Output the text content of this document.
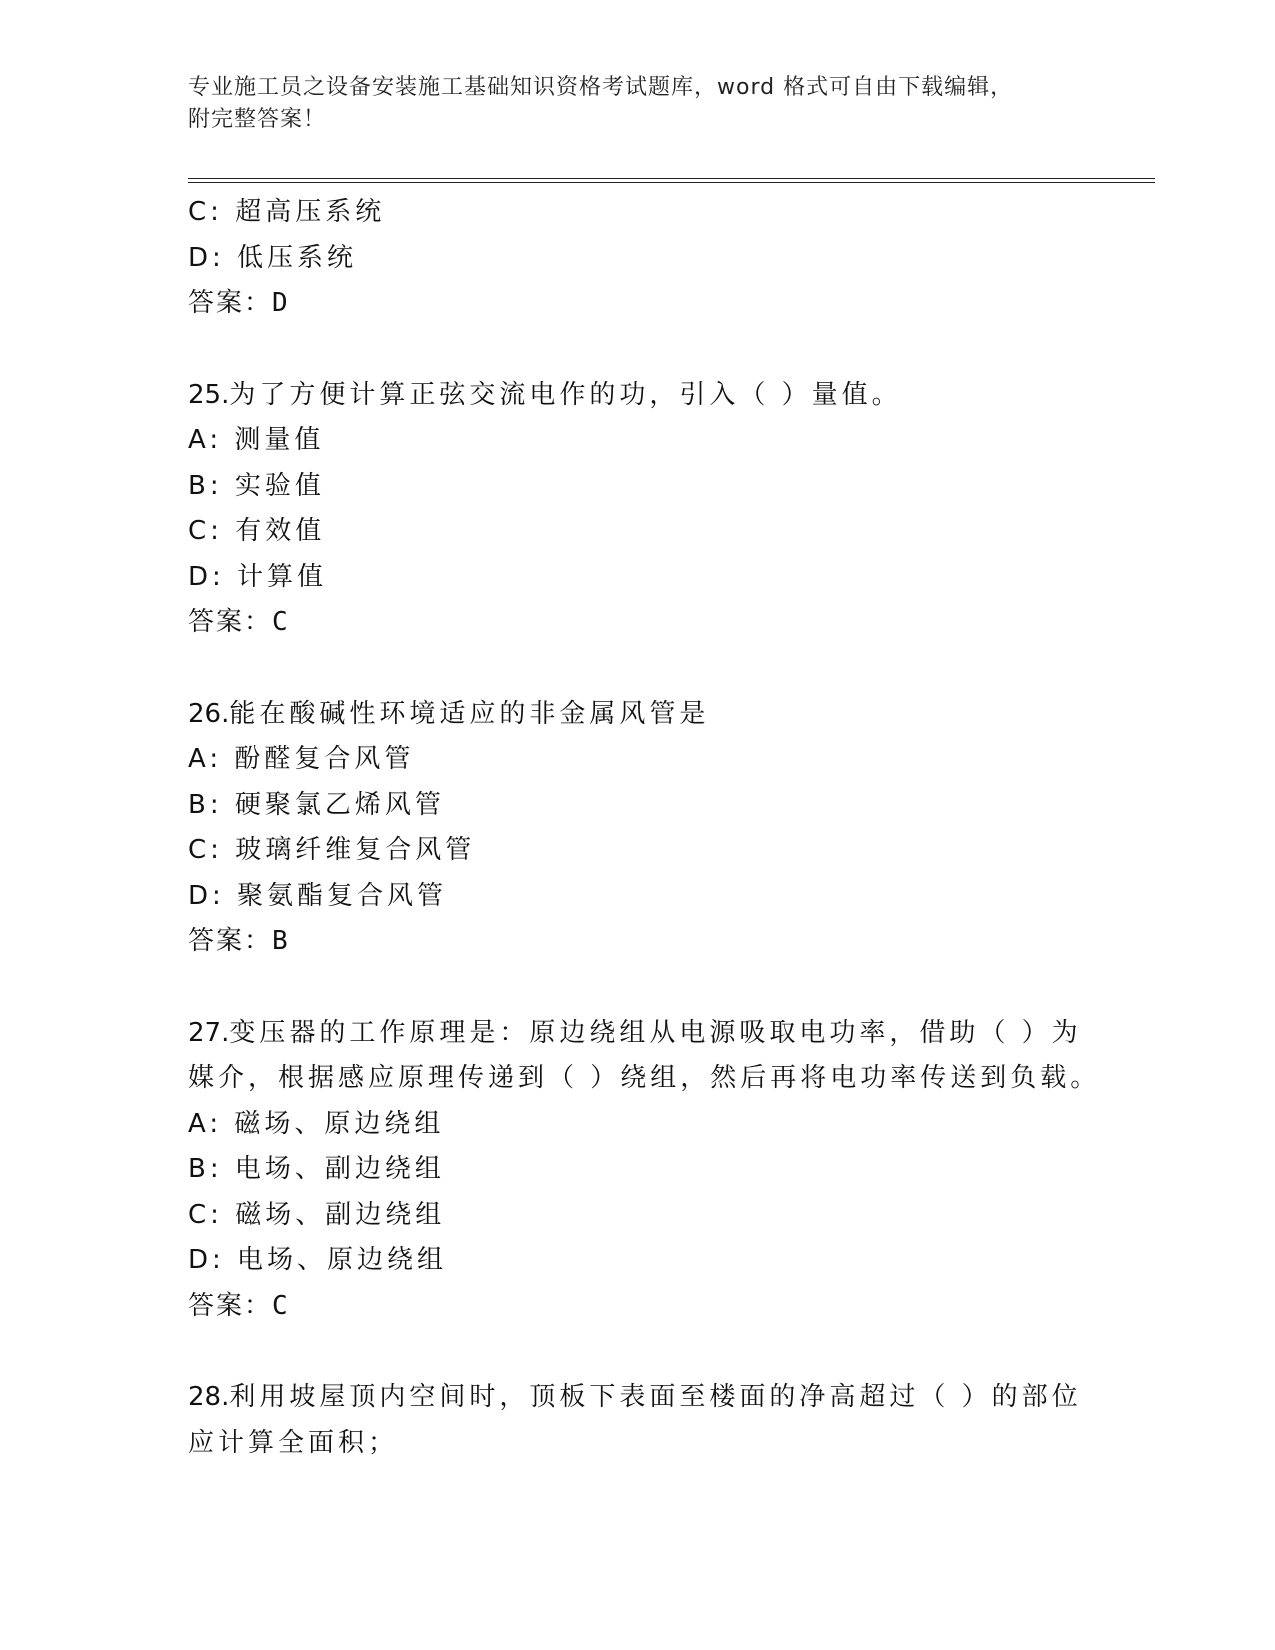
专业施工员之设备安装施工基础知识资格考试题库，word 格式可自由下载编辑，
附完整答案！
C: 超高压系统
D: 低压系统
答案：D
25.为了方便计算正弦交流电作的功，引入（ ）量值。
A: 测量值
B: 实验值
C: 有效值
D: 计算值
答案：C
26.能在酸碱性环境适应的非金属风管是
A: 酚醛复合风管
B: 硬聚氯乙烯风管
C: 玻璃纤维复合风管
D: 聚氨酯复合风管
答案：B
27.变压器的工作原理是：原边绕组从电源吸取电功率，借助（ ）为
媒介，根据感应原理传递到（ ）绕组，然后再将电功率传送到负载。
A: 磁场、原边绕组
B: 电场、副边绕组
C: 磁场、副边绕组
D: 电场、原边绕组
答案：C
28.利用坡屋顶内空间时，顶板下表面至楼面的净高超过（ ）的部位
应计算全面积；
